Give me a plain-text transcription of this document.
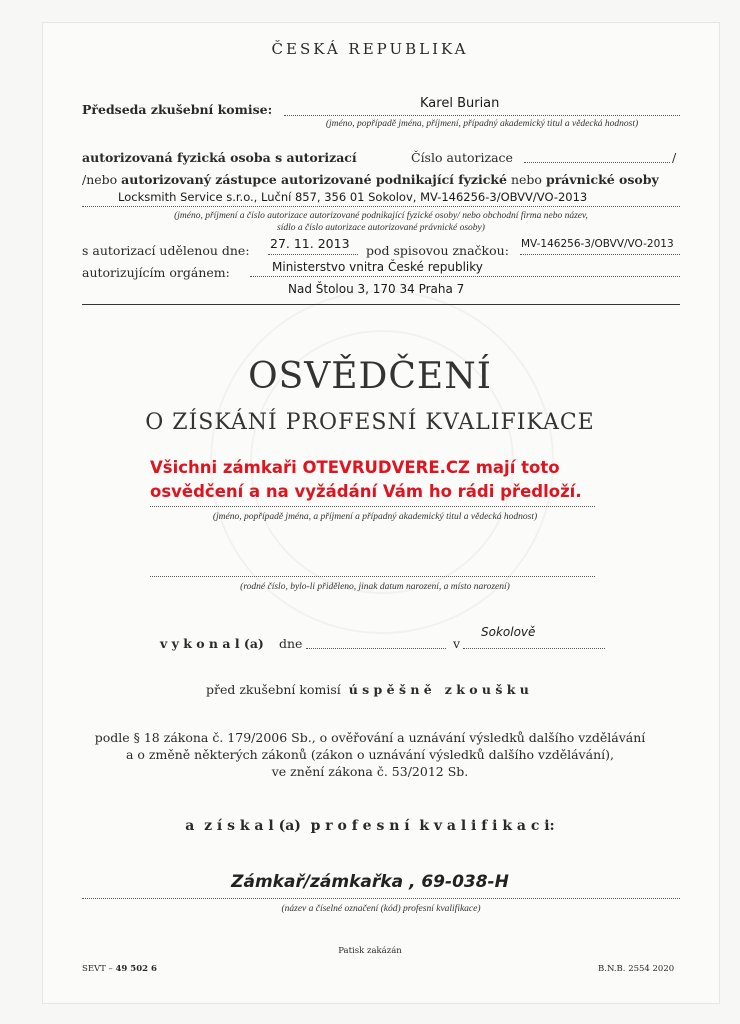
ČESKÁ REPUBLIKA
Předseda zkušební komise:	Karel Burian
(jméno, popřípadě jména, příjmení, případný akademický titul a vědecká hodnost)
autorizovaná fyzická osoba s autorizací	Číslo autorizace	/
/nebo autorizovaný zástupce autorizované podnikající fyzické nebo právnické osoby
Locksmith Service s.r.o., Luční 857, 356 01 Sokolov, MV-146256-3/OBVV/VO-2013
(jméno, příjmení a číslo autorizace autorizované podnikající fyzické osoby/ nebo obchodní firma nebo název,
sídlo a číslo autorizace autorizované právnické osoby)
s autorizací udělenou dne: 27. 11. 2013 pod spisovou značkou: MV-146256-3/OBVV/VO-2013
autorizujícím orgánem:	Ministerstvo vnitra České republiky
Nad Štolou 3, 170 34 Praha 7
OSVĚDČENÍ
O ZÍSKÁNÍ PROFESNÍ KVALIFIKACE
Všichni zámkaři OTEVRUDVERE.CZ mají toto
osvědčení a na vyžádání Vám ho rádi předloží.
(jméno, popřípadě jména, a příjmení a případný akademický titul a vědecká hodnost)
(rodné číslo, bylo-li přiděleno, jinak datum narození, a místo narození)
v y k o n a l (a) dne	v
Sokolově
před zkušební komisí ú s p ě š n ě   z k o u š k u
podle § 18 zákona č. 179/2006 Sb., o ověřování a uznávání výsledků dalšího vzdělávání
a o změně některých zákonů (zákon o uznávání výsledků dalšího vzdělávání),
ve znění zákona č. 53/2012 Sb.
a  z í s k a l (a)  p r o f e s n í  k v a l i f i k a c i:
Zámkař/zámkařka , 69-038-H
(název a číselné označení (kód) profesní kvalifikace)
Patisk zakázán
SEVT – 49 502 6	B.N.B. 2554 2020
